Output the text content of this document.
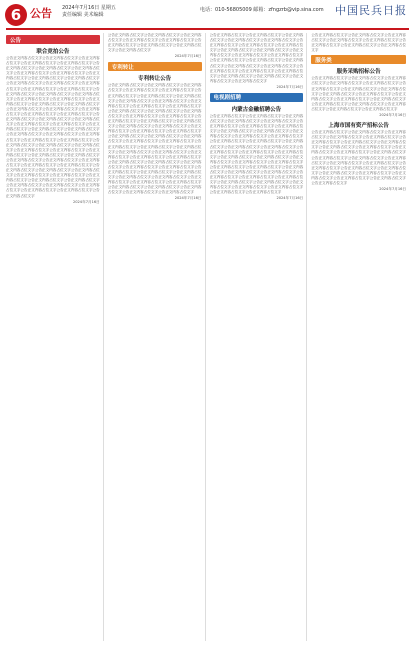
6 公告 2024年7月16日 星期五
责任编辑 美术编辑
电话：010-56805009 邮箱：zfngzrb@vip.sina.com 中国民兵日报
公告
联合竞拍公告

公告正文内容占位文字公告正文内容占位文字公告正文内容占位文字公告正文内容占位文字公告正文内容占位文字公告正文内容占位文字公告正文内容占位文字公告正文内容占位文字公告正文内容占位文字公告正文内容占位文字公告正文内容占位文字公告正文内容占位文字公告正文内容占位文字公告正文内容占位文字公告正文内容占位文字公告正文内容占位文字公告正文内容占位文字公告正文内容占位文字公告正文内容占位文字公告正文内容占位文字公告正文内容占位文字公告正文内容占位文字公告正文内容占位文字公告正文内容占位文字公告正文内容占位文字公告正文内容占位文字公告正文内容占位文字公告正文内容占位文字公告正文内容占位文字公告正文内容占位文字公告正文内容占位文字公告正文内容占位文字公告正文内容占位文字公告正文内容占位文字公告正文内容占位文字公告正文内容占位文字公告正文内容占位文字公告正文内容占位文字公告正文内容占位文字公告正文内容占位文字公告正文内容占位文字公告正文内容占位文字公告正文内容占位文字公告正文内容占位文字公告正文内容占位文字公告正文内容占位文字公告正文内容占位文字公告正文内容占位文字公告正文内容占位文字公告正文内容占位文字公告正文内容占位文字公告正文内容占位文字公告正文内容占位文字公告正文内容占位文字公告正文内容占位文字公告正文内容占位文字公告正文内容占位文字公告正文内容占位文字公告正文内容占位文字公告正文内容占位文字公告正文内容占位文字公告正文内容占位文字公告正文内容占位文字公告正文内容占位文字公告正文内容占位文字公告正文内容占位文字公告正文内容占位文字公告正文内容占位文字公告正文内容占位文字公告正文内容占位文字公告正文内容占位文字

2024年7月16日

公告正文内容占位文字公告正文内容占位文字公告正文内容占位文字公告正文内容占位文字公告正文内容占位文字公告正文内容占位文字公告正文内容占位文字公告正文内容占位文字公告正文内容占位文字

2024年7月16日
专利转让
专利转让公告

公告正文内容占位文字公告正文内容占位文字公告正文内容占位文字公告正文内容占位文字公告正文内容占位文字公告正文内容占位文字公告正文内容占位文字公告正文内容占位文字公告正文内容占位文字公告正文内容占位文字公告正文内容占位文字公告正文内容占位文字公告正文内容占位文字公告正文内容占位文字公告正文内容占位文字公告正文内容占位文字公告正文内容占位文字公告正文内容占位文字公告正文内容占位文字公告正文内容占位文字公告正文内容占位文字公告正文内容占位文字公告正文内容占位文字公告正文内容占位文字公告正文内容占位文字公告正文内容占位文字公告正文内容占位文字公告正文内容占位文字公告正文内容占位文字公告正文内容占位文字公告正文内容占位文字公告正文内容占位文字公告正文内容占位文字公告正文内容占位文字公告正文内容占位文字公告正文内容占位文字公告正文内容占位文字公告正文内容占位文字公告正文内容占位文字公告正文内容占位文字公告正文内容占位文字公告正文内容占位文字公告正文内容占位文字公告正文内容占位文字公告正文内容占位文字公告正文内容占位文字公告正文内容占位文字公告正文内容占位文字公告正文内容占位文字公告正文内容占位文字公告正文内容占位文字公告正文内容占位文字公告正文内容占位文字公告正文内容占位文字公告正文内容占位文字公告正文内容占位文字公告正文内容占位文字

2024年7月16日

公告正文内容占位文字公告正文内容占位文字公告正文内容占位文字公告正文内容占位文字公告正文内容占位文字公告正文内容占位文字公告正文内容占位文字公告正文内容占位文字公告正文内容占位文字公告正文内容占位文字公告正文内容占位文字公告正文内容占位文字公告正文内容占位文字公告正文内容占位文字公告正文内容占位文字公告正文内容占位文字公告正文内容占位文字公告正文内容占位文字公告正文内容占位文字公告正文内容占位文字公告正文内容占位文字公告正文内容占位文字公告正文内容占位文字公告正文内容占位文字公告正文内容占位文字

2024年7月16日
电视剧招聘
内蒙古金融招聘公告

公告正文内容占位文字公告正文内容占位文字公告正文内容占位文字公告正文内容占位文字公告正文内容占位文字公告正文内容占位文字公告正文内容占位文字公告正文内容占位文字公告正文内容占位文字公告正文内容占位文字公告正文内容占位文字公告正文内容占位文字公告正文内容占位文字公告正文内容占位文字公告正文内容占位文字公告正文内容占位文字公告正文内容占位文字公告正文内容占位文字公告正文内容占位文字公告正文内容占位文字公告正文内容占位文字公告正文内容占位文字公告正文内容占位文字公告正文内容占位文字公告正文内容占位文字公告正文内容占位文字公告正文内容占位文字公告正文内容占位文字公告正文内容占位文字公告正文内容占位文字公告正文内容占位文字公告正文内容占位文字公告正文内容占位文字公告正文内容占位文字公告正文内容占位文字公告正文内容占位文字公告正文内容占位文字公告正文内容占位文字公告正文内容占位文字公告正文内容占位文字公告正文内容占位文字

2024年7月16日

公告正文内容占位文字公告正文内容占位文字公告正文内容占位文字公告正文内容占位文字公告正文内容占位文字公告正文内容占位文字公告正文内容占位文字公告正文内容占位文字

服务类
服务采购招标公告

公告正文内容占位文字公告正文内容占位文字公告正文内容占位文字公告正文内容占位文字公告正文内容占位文字公告正文内容占位文字公告正文内容占位文字公告正文内容占位文字公告正文内容占位文字公告正文内容占位文字公告正文内容占位文字公告正文内容占位文字公告正文内容占位文字公告正文内容占位文字公告正文内容占位文字公告正文内容占位文字公告正文内容占位文字公告正文内容占位文字

2024年7月16日
上海市国有资产招标公告

公告正文内容占位文字公告正文内容占位文字公告正文内容占位文字公告正文内容占位文字公告正文内容占位文字公告正文内容占位文字公告正文内容占位文字公告正文内容占位文字公告正文内容占位文字公告正文内容占位文字公告正文内容占位文字公告正文内容占位文字公告正文内容占位文字公告正文内容占位文字公告正文内容占位文字公告正文内容占位文字公告正文内容占位文字公告正文内容占位文字公告正文内容占位文字公告正文内容占位文字公告正文内容占位文字公告正文内容占位文字公告正文内容占位文字公告正文内容占位文字公告正文内容占位文字公告正文内容占位文字公告正文内容占位文字

2024年7月16日
